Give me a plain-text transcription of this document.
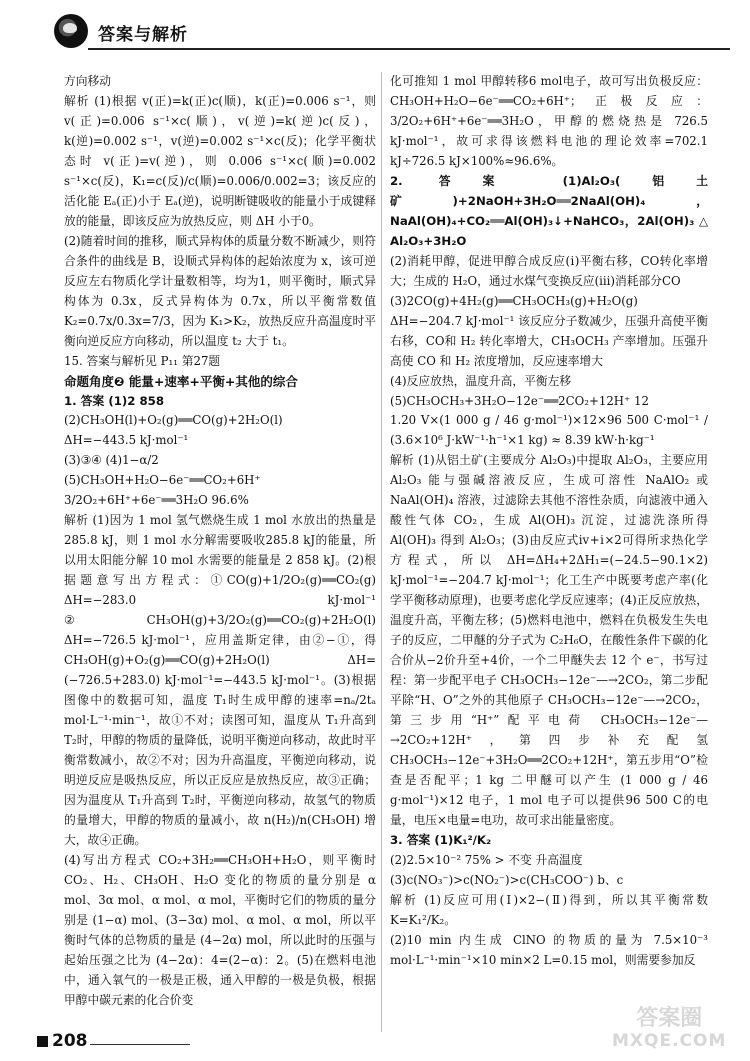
答案与解析

方向移动

解析 (1)根据 v(正)=k(正)c(顺)，k(正)=0.006 s⁻¹，则 v(正)=0.006 s⁻¹×c(顺)，v(逆)=k(逆)c(反)，k(逆)=0.002 s⁻¹，v(逆)=0.002 s⁻¹×c(反)；化学平衡状态时 v(正)=v(逆)，则 0.006 s⁻¹×c(顺)=0.002 s⁻¹×c(反)，K₁=c(反)/c(顺)=0.006/0.002=3；该反应的活化能 Eₐ(正)小于 Eₐ(逆)，说明断键吸收的能量小于成键释放的能量，即该反应为放热反应，则 ΔH 小于0。

(2)随着时间的推移，顺式异构体的质量分数不断减少，则符合条件的曲线是 B，设顺式异构体的起始浓度为 x，该可逆反应左右物质化学计量数相等，均为1，则平衡时，顺式异构体为 0.3x，反式异构体为 0.7x，所以平衡常数值 K₂=0.7x/0.3x=7/3，因为 K₁>K₂，放热反应升高温度时平衡向逆反应方向移动，所以温度 t₂ 大于 t₁。

15. 答案与解析见 P₁₁ 第27题

命题角度❷ 能量+速率+平衡+其他的综合

1. 答案 (1)2 858

(2)CH₃OH(l)+O₂(g)══CO(g)+2H₂O(l)

ΔH=−443.5 kJ·mol⁻¹

(3)③④ (4)1−α/2

(5)CH₃OH+H₂O−6e⁻══CO₂+6H⁺

3/2O₂+6H⁺+6e⁻══3H₂O 96.6%

解析 (1)因为 1 mol 氢气燃烧生成 1 mol 水放出的热量是 285.8 kJ，则 1 mol 水分解需要吸收285.8 kJ的能量，所以用太阳能分解 10 mol 水需要的能量是 2 858 kJ。(2)根据题意写出方程式：①CO(g)+1/2O₂(g)══CO₂(g) ΔH=−283.0 kJ·mol⁻¹ ②CH₃OH(g)+3/2O₂(g)══CO₂(g)+2H₂O(l) ΔH=−726.5 kJ·mol⁻¹，应用盖斯定律，由②−①，得 CH₃OH(g)+O₂(g)══CO(g)+2H₂O(l) ΔH=(−726.5+283.0) kJ·mol⁻¹=−443.5 kJ·mol⁻¹。(3)根据图像中的数据可知，温度 T₁时生成甲醇的速率=nₐ/2tₐ mol·L⁻¹·min⁻¹，故①不对；读图可知，温度从 T₁升高到 T₂时，甲醇的物质的量降低，说明平衡逆向移动，故此时平衡常数减小，故②不对；因为升高温度，平衡逆向移动，说明逆反应是吸热反应，所以正反应是放热反应，故③正确；因为温度从 T₁升高到 T₂时，平衡逆向移动，故氢气的物质的量增大，甲醇的物质的量减小，故 n(H₂)/n(CH₃OH) 增大，故④正确。

(4)写出方程式 CO₂+3H₂══CH₃OH+H₂O，则平衡时 CO₂、H₂、CH₃OH、H₂O 变化的物质的量分别是 α mol、3α mol、α mol、α mol，平衡时它们的物质的量分别是 (1−α) mol、(3−3α) mol、α mol、α mol，所以平衡时气体的总物质的量是 (4−2α) mol，所以此时的压强与起始压强之比为 (4−2α)：4=(2−α)：2。(5)在燃料电池中，通入氧气的一极是正极，通入甲醇的一极是负极，根据甲醇中碳元素的化合价变

化可推知 1 mol 甲醇转移6 mol电子，故可写出负极反应：CH₃OH+H₂O−6e⁻══CO₂+6H⁺；正极反应：3/2O₂+6H⁺+6e⁻══3H₂O，甲醇的燃烧热是 726.5 kJ·mol⁻¹，故可求得该燃料电池的理论效率=702.1 kJ÷726.5 kJ×100%≈96.6%。

2. 答案 (1)Al₂O₃(铝土矿)+2NaOH+3H₂O══2NaAl(OH)₄，NaAl(OH)₄+CO₂══Al(OH)₃↓+NaHCO₃，2Al(OH)₃ △ Al₂O₃+3H₂O

(2)消耗甲醇，促进甲醇合成反应(ⅰ)平衡右移，CO转化率增大；生成的 H₂O，通过水煤气变换反应(ⅲ)消耗部分CO

(3)2CO(g)+4H₂(g)══CH₃OCH₃(g)+H₂O(g) ΔH=−204.7 kJ·mol⁻¹ 该反应分子数减少，压强升高使平衡右移，CO和 H₂ 转化率增大，CH₃OCH₃ 产率增加。压强升高使 CO 和 H₂ 浓度增加，反应速率增大

(4)反应放热，温度升高，平衡左移

(5)CH₃OCH₃+3H₂O−12e⁻══2CO₂+12H⁺ 12

1.20 V×(1 000 g / 46 g·mol⁻¹)×12×96 500 C·mol⁻¹ / (3.6×10⁶ J·kW⁻¹·h⁻¹×1 kg) ≈ 8.39 kW·h·kg⁻¹

解析 (1)从铝土矿(主要成分 Al₂O₃)中提取 Al₂O₃，主要应用 Al₂O₃ 能与强碱溶液反应，生成可溶性 NaAlO₂ 或 NaAl(OH)₄ 溶液，过滤除去其他不溶性杂质，向滤液中通入酸性气体 CO₂，生成 Al(OH)₃ 沉淀，过滤洗涤所得 Al(OH)₃ 得到 Al₂O₃；(3)由反应式ⅳ+ⅰ×2可得所求热化学方程式，所以 ΔH=ΔH₄+2ΔH₁=(−24.5−90.1×2) kJ·mol⁻¹=−204.7 kJ·mol⁻¹；化工生产中既要考虑产率(化学平衡移动原理)，也要考虑化学反应速率；(4)正反应放热，温度升高，平衡左移；(5)燃料电池中，燃料在负极发生失电子的反应，二甲醚的分子式为 C₂H₆O，在酸性条件下碳的化合价从−2价升至+4价，一个二甲醚失去 12 个 e⁻，书写过程：第一步配平电子 CH₃OCH₃−12e⁻—→2CO₂，第二步配平除“H、O”之外的其他原子 CH₃OCH₃−12e⁻—→2CO₂，第三步用“H⁺”配平电荷 CH₃OCH₃−12e⁻—→2CO₂+12H⁺，第四步补充配氢 CH₃OCH₃−12e⁻+3H₂O══2CO₂+12H⁺，第五步用“O”检查是否配平；1 kg 二甲醚可以产生 (1 000 g / 46 g·mol⁻¹)×12 电子，1 mol 电子可以提供96 500 C的电量，电压×电量=电功，故可求出能量密度。

3. 答案 (1)K₁²/K₂

(2)2.5×10⁻² 75% > 不变 升高温度

(3)c(NO₃⁻)>c(NO₂⁻)>c(CH₃COO⁻) b、c

解析 (1)反应可用(Ⅰ)×2−(Ⅱ)得到，所以其平衡常数 K=K₁²/K₂。

(2)10 min 内生成 ClNO 的物质的量为 7.5×10⁻³ mol·L⁻¹·min⁻¹×10 min×2 L=0.15 mol，则需要参加反

208
答案圈
MXQE.COM
